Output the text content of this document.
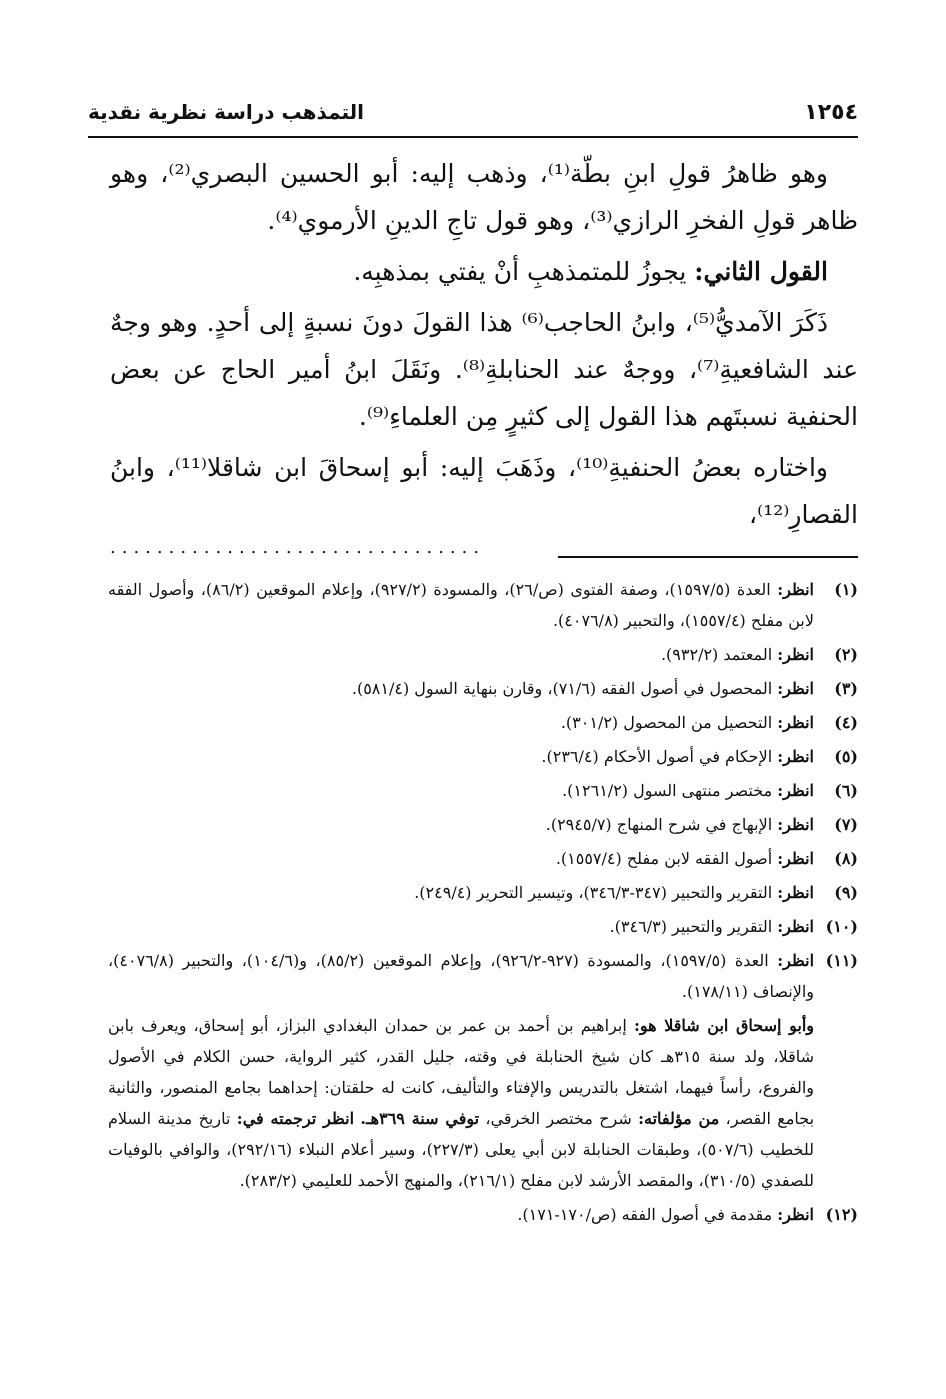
١٢٥٤
التمذهب دراسة نظرية نقدية

وهو ظاهرُ قولِ ابنِ بطّة⁽¹⁾، وذهب إليه: أبو الحسين البصري⁽²⁾، وهو ظاهر قولِ الفخرِ الرازي⁽³⁾، وهو قول تاجِ الدينِ الأرموي⁽⁴⁾.

القول الثاني: يجوزُ للمتمذهبِ أنْ يفتي بمذهبِه.

ذَكَرَ الآمديُّ⁽⁵⁾، وابنُ الحاجب⁽⁶⁾ هذا القولَ دونَ نسبةٍ إلى أحدٍ. وهو وجهٌ عند الشافعيةِ⁽⁷⁾، ووجهٌ عند الحنابلةِ⁽⁸⁾. ونَقَلَ ابنُ أمير الحاج عن بعض الحنفية نسبتَهم هذا القول إلى كثيرٍ مِن العلماءِ⁽⁹⁾.

واختاره بعضُ الحنفيةِ⁽¹⁰⁾، وذَهَبَ إليه: أبو إسحاقَ ابن شاقلا⁽¹¹⁾، وابنُ القصارِ⁽¹²⁾،

................................
(١)
انظر: العدة (١٥٩٧/٥)، وصفة الفتوى (ص/٢٦)، والمسودة (٩٢٧/٢)، وإعلام الموقعين (٨٦/٢)، وأصول الفقه لابن مفلح (١٥٥٧/٤)، والتحبير (٤٠٧٦/٨).
(٢)
انظر: المعتمد (٩٣٢/٢).
(٣)
انظر: المحصول في أصول الفقه (٧١/٦)، وقارن بنهاية السول (٥٨١/٤).
(٤)
انظر: التحصيل من المحصول (٣٠١/٢).
(٥)
انظر: الإحكام في أصول الأحكام (٢٣٦/٤).
(٦)
انظر: مختصر منتهى السول (١٢٦١/٢).
(٧)
انظر: الإبهاج في شرح المنهاج (٢٩٤٥/٧).
(٨)
انظر: أصول الفقه لابن مفلح (١٥٥٧/٤).
(٩)
انظر: التقرير والتحبير (٣٤٧-٣٤٦/٣)، وتيسير التحرير (٢٤٩/٤).
(١٠)
انظر: التقرير والتحبير (٣٤٦/٣).
(١١)
انظر: العدة (١٥٩٧/٥)، والمسودة (٩٢٧-٩٢٦/٢)، وإعلام الموقعين (٨٥/٢)، و(١٠٤/٦)، والتحبير (٤٠٧٦/٨)، والإنصاف (١٧٨/١١).

وأبو إسحاق ابن شاقلا هو: إبراهيم بن أحمد بن عمر بن حمدان البغدادي البزاز، أبو إسحاق، ويعرف بابن شاقلا، ولد سنة ٣١٥هـ كان شيخ الحنابلة في وقته، جليل القدر، كثير الرواية، حسن الكلام في الأصول والفروع، رأساً فيهما، اشتغل بالتدريس والإفتاء والتأليف، كانت له حلقتان: إحداهما بجامع المنصور، والثانية بجامع القصر، من مؤلفاته: شرح مختصر الخرقي، توفي سنة ٣٦٩هـ. انظر ترجمته في: تاريخ مدينة السلام للخطيب (٥٠٧/٦)، وطبقات الحنابلة لابن أبي يعلى (٢٢٧/٣)، وسير أعلام النبلاء (٢٩٢/١٦)، والوافي بالوفيات للصفدي (٣١٠/٥)، والمقصد الأرشد لابن مفلح (٢١٦/١)، والمنهج الأحمد للعليمي (٢٨٣/٢).

(١٢)
انظر: مقدمة في أصول الفقه (ص/١٧٠-١٧١).
